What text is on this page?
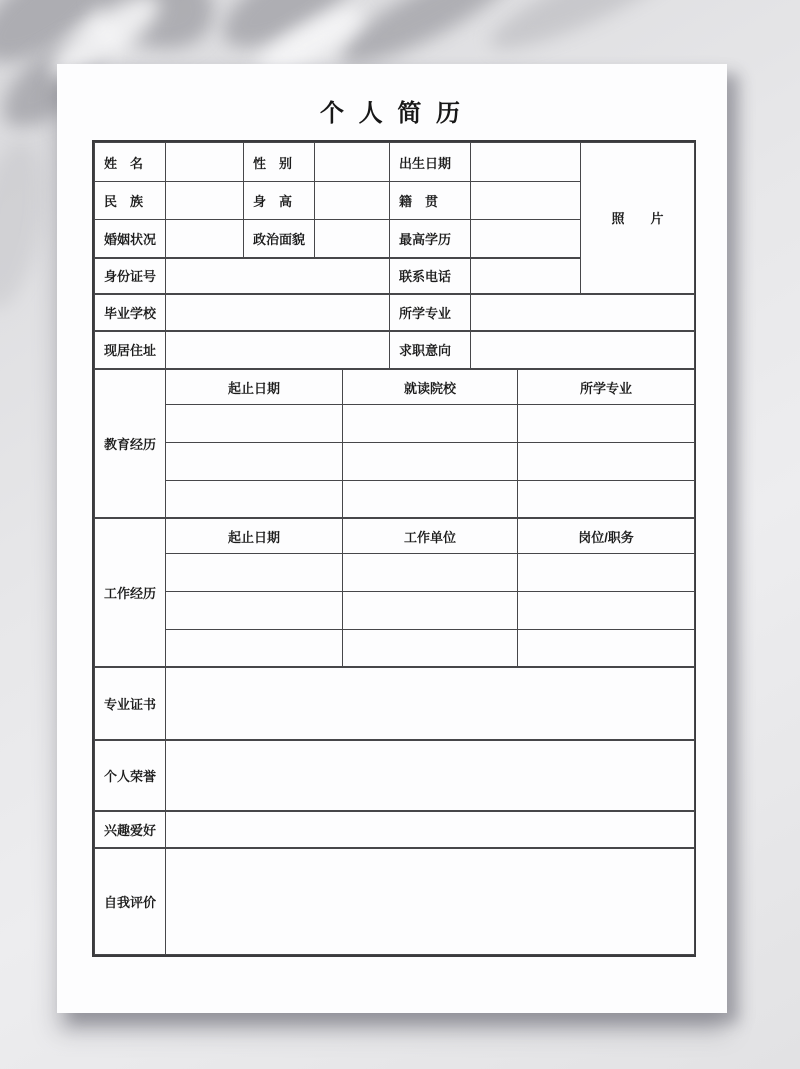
个 人 简 历
姓　名		性　别		出生日期		照　　片
民　族		身　高		籍　贯		
婚姻状况		政治面貌		最高学历		
身份证号				联系电话		
毕业学校				所学专业		
现居住址				求职意向		
教育经历	起止日期	就读院校	所学专业

工作经历	起止日期	工作单位	岗位/职务

专业证书	
个人荣誉	
兴趣爱好	
自我评价	
